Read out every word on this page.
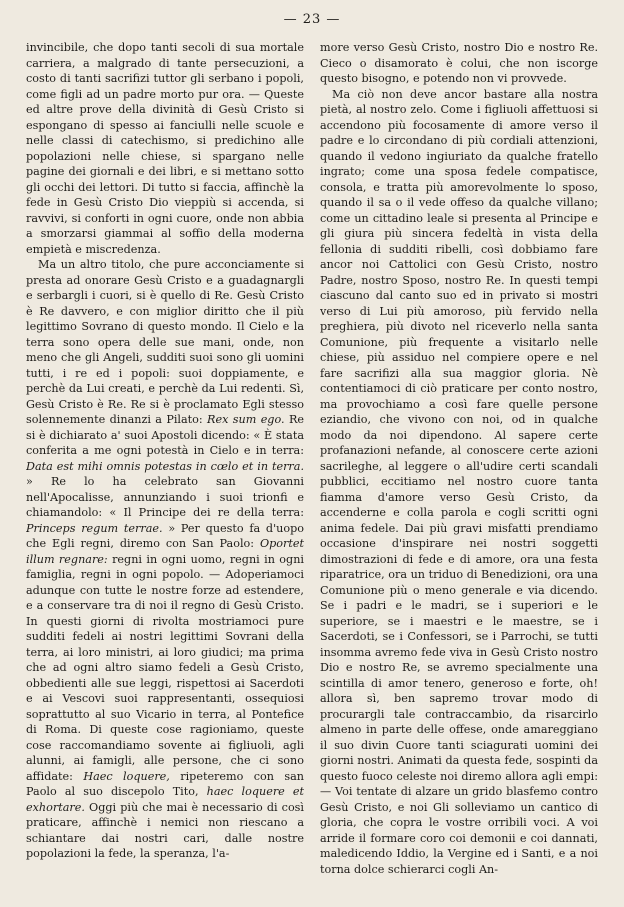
— 23 —

invincibile, che dopo tanti secoli di sua mortale carriera, a malgrado di tante persecuzioni, a costo di tanti sacrifizi tuttor gli serbano i popoli, come figli ad un padre morto pur ora. — Queste ed altre prove della divinità di Gesù Cristo si espongano di spesso ai fanciulli nelle scuole e nelle classi di catechismo, si predichino alle popolazioni nelle chiese, si spargano nelle pagine dei giornali e dei libri, e si mettano sotto gli occhi dei lettori. Di tutto si faccia, affinchè la fede in Gesù Cristo Dio vieppiù si accenda, si ravvivi, si conforti in ogni cuore, onde non abbia a smorzarsi giammai al soffio della moderna empietà e miscredenza.

Ma un altro titolo, che pure acconciamente si presta ad onorare Gesù Cristo e a guadagnargli e serbargli i cuori, si è quello di Re. Gesù Cristo è Re davvero, e con miglior diritto che il più legittimo Sovrano di questo mondo. Il Cielo e la terra sono opera delle sue mani, onde, non meno che gli Angeli, sudditi suoi sono gli uomini tutti, i re ed i popoli: suoi doppiamente, e perchè da Lui creati, e perchè da Lui redenti. Sì, Gesù Cristo è Re. Re si è proclamato Egli stesso solennemente dinanzi a Pilato: Rex sum ego. Re si è dichiarato a' suoi Apostoli dicendo: « È stata conferita a me ogni potestà in Cielo e in terra: Data est mihi omnis potestas in cœlo et in terra. » Re lo ha celebrato san Giovanni nell'Apocalisse, annunziando i suoi trionfi e chiamandolo: « Il Principe dei re della terra: Princeps regum terrae. » Per questo fa d'uopo che Egli regni, diremo con San Paolo: Oportet illum regnare: regni in ogni uomo, regni in ogni famiglia, regni in ogni popolo. — Adoperiamoci adunque con tutte le nostre forze ad estendere, e a conservare tra di noi il regno di Gesù Cristo. In questi giorni di rivolta mostriamoci pure sudditi fedeli ai nostri legittimi Sovrani della terra, ai loro ministri, ai loro giudici; ma prima che ad ogni altro siamo fedeli a Gesù Cristo, obbedienti alle sue leggi, rispettosi ai Sacerdoti e ai Vescovi suoi rappresentanti, ossequiosi soprattutto al suo Vicario in terra, al Pontefice di Roma. Di queste cose ragioniamo, queste cose raccomandiamo sovente ai figliuoli, agli alunni, ai famigli, alle persone, che ci sono affidate: Haec loquere, ripeteremo con san Paolo al suo discepolo Tito, haec loquere et exhortare. Oggi più che mai è necessario di così praticare, affinchè i nemici non riescano a schiantare dai nostri cari, dalle nostre popolazioni la fede, la speranza, l'a-

more verso Gesù Cristo, nostro Dio e nostro Re. Cieco o disamorato è colui, che non iscorge questo bisogno, e potendo non vi provvede.

Ma ciò non deve ancor bastare alla nostra pietà, al nostro zelo. Come i figliuoli affettuosi si accendono più focosamente di amore verso il padre e lo circondano di più cordiali attenzioni, quando il vedono ingiuriato da qualche fratello ingrato; come una sposa fedele compatisce, consola, e tratta più amorevolmente lo sposo, quando il sa o il vede offeso da qualche villano; come un cittadino leale si presenta al Principe e gli giura più sincera fedeltà in vista della fellonia di sudditi ribelli, così dobbiamo fare ancor noi Cattolici con Gesù Cristo, nostro Padre, nostro Sposo, nostro Re. In questi tempi ciascuno dal canto suo ed in privato si mostri verso di Lui più amoroso, più fervido nella preghiera, più divoto nel riceverlo nella santa Comunione, più frequente a visitarlo nelle chiese, più assiduo nel compiere opere e nel fare sacrifizi alla sua maggior gloria. Nè contentiamoci di ciò praticare per conto nostro, ma provochiamo a così fare quelle persone eziandio, che vivono con noi, od in qualche modo da noi dipendono. Al sapere certe profanazioni nefande, al conoscere certe azioni sacrileghe, al leggere o all'udire certi scandali pubblici, eccitiamo nel nostro cuore tanta fiamma d'amore verso Gesù Cristo, da accenderne e colla parola e cogli scritti ogni anima fedele. Dai più gravi misfatti prendiamo occasione d'inspirare nei nostri soggetti dimostrazioni di fede e di amore, ora una festa riparatrice, ora un triduo di Benedizioni, ora una Comunione più o meno generale e via dicendo. Se i padri e le madri, se i superiori e le superiore, se i maestri e le maestre, se i Sacerdoti, se i Confessori, se i Parrochi, se tutti insomma avremo fede viva in Gesù Cristo nostro Dio e nostro Re, se avremo specialmente una scintilla di amor tenero, generoso e forte, oh! allora sì, ben sapremo trovar modo di procurargli tale contraccambio, da risarcirlo almeno in parte delle offese, onde amareggiano il suo divin Cuore tanti sciagurati uomini dei giorni nostri. Animati da questa fede, sospinti da questo fuoco celeste noi diremo allora agli empi: — Voi tentate di alzare un grido blasfemo contro Gesù Cristo, e noi Gli solleviamo un cantico di gloria, che copra le vostre orribili voci. A voi arride il formare coro coi demonii e coi dannati, maledicendo Iddio, la Vergine ed i Santi, e a noi torna dolce schierarci cogli An-
